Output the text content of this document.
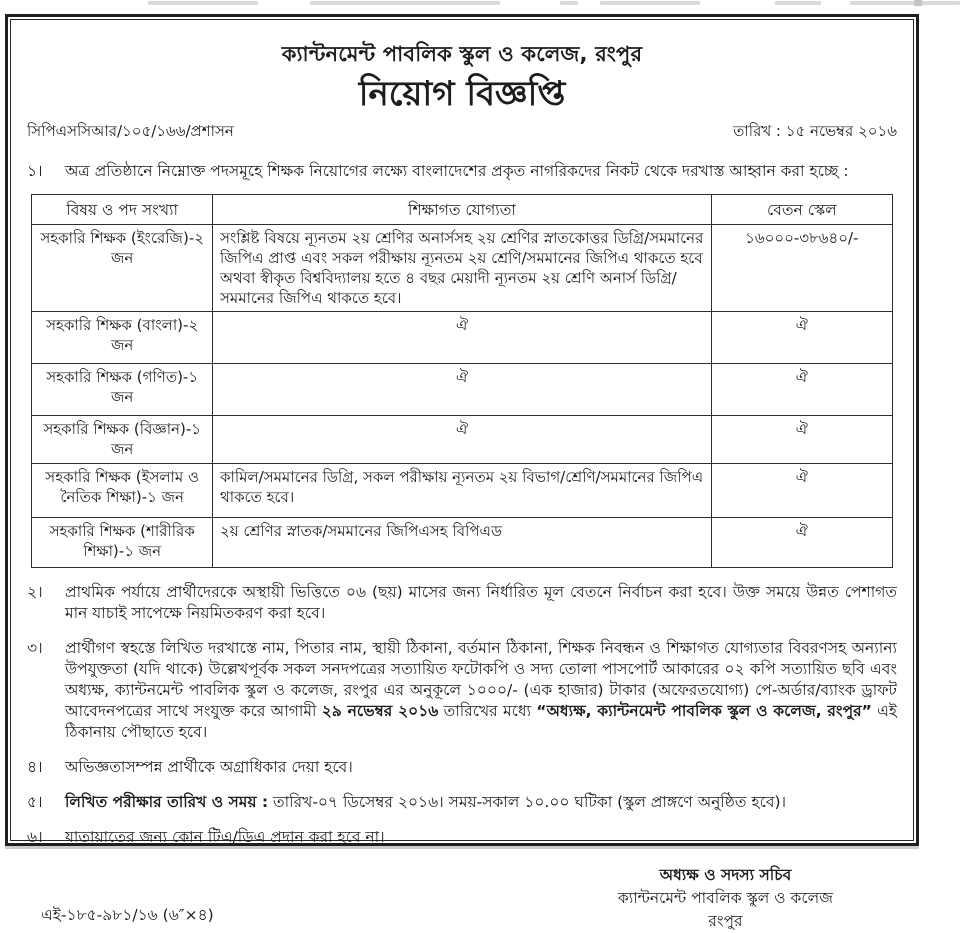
ক্যান্টনমেন্ট পাবলিক স্কুল ও কলেজ, রংপুর
নিয়োগ বিজ্ঞপ্তি
সিপিএসসিআর/১০৫/১৬৬/প্রশাসন	তারিখ : ১৫ নভেম্বর ২০১৬
১।	অত্র প্রতিষ্ঠানে নিম্নোক্ত পদসমূহে শিক্ষক নিয়োগের লক্ষ্যে বাংলাদেশের প্রকৃত নাগরিকদের নিকট থেকে দরখাস্ত আহ্বান করা হচ্ছে :
বিষয় ও পদ সংখ্যা	শিক্ষাগত যোগ্যতা	বেতন স্কেল
সহকারি শিক্ষক (ইংরেজি)-২ জন	সংশ্লিষ্ট বিষয়ে ন্যূনতম ২য় শ্রেণির অনার্সসহ ২য় শ্রেণির স্নাতকোত্তর ডিগ্রি/সমমানের জিপিএ প্রাপ্ত এবং সকল পরীক্ষায় ন্যূনতম ২য় শ্রেণি/সমমানের জিপিএ থাকতে হবে অথবা স্বীকৃত বিশ্ববিদ্যালয় হতে ৪ বছর মেয়াদী ন্যূনতম ২য় শ্রেণি অনার্স ডিগ্রি/সমমানের জিপিএ থাকতে হবে।	১৬০০০-৩৮৬৪০/-
সহকারি শিক্ষক (বাংলা)-২ জন	ঐ	ঐ
সহকারি শিক্ষক (গণিত)-১ জন	ঐ	ঐ
সহকারি শিক্ষক (বিজ্ঞান)-১ জন	ঐ	ঐ
সহকারি শিক্ষক (ইসলাম ও নৈতিক শিক্ষা)-১ জন	কামিল/সমমানের ডিগ্রি, সকল পরীক্ষায় ন্যূনতম ২য় বিভাগ/শ্রেণি/সমমানের জিপিএ থাকতে হবে।	ঐ
সহকারি শিক্ষক (শারীরিক শিক্ষা)-১ জন	২য় শ্রেণির স্নাতক/সমমানের জিপিএসহ বিপিএড	ঐ
২।	প্রাথমিক পর্যায়ে প্রার্থীদেরকে অস্থায়ী ভিত্তিতে ০৬ (ছয়) মাসের জন্য নির্ধারিত মূল বেতনে নির্বাচন করা হবে। উক্ত সময়ে উন্নত পেশাগত মান যাচাই সাপেক্ষে নিয়মিতকরণ করা হবে।
৩।	প্রার্থীগণ স্বহস্তে লিখিত দরখাস্তে নাম, পিতার নাম, স্থায়ী ঠিকানা, বর্তমান ঠিকানা, শিক্ষক নিবন্ধন ও শিক্ষাগত যোগ্যতার বিবরণসহ অন্যান্য উপযুক্ততা (যদি থাকে) উল্লেখপূর্বক সকল সনদপত্রের সত্যায়িত ফটোকপি ও সদ্য তোলা পাসপোর্ট আকারের ০২ কপি সত্যায়িত ছবি এবং অধ্যক্ষ, ক্যান্টনমেন্ট পাবলিক স্কুল ও কলেজ, রংপুর এর অনুকূলে ১০০০/- (এক হাজার) টাকার (অফেরতযোগ্য) পে-অর্ডার/ব্যাংক ড্রাফট আবেদনপত্রের সাথে সংযুক্ত করে আগামী ২৯ নভেম্বর ২০১৬ তারিখের মধ্যে “অধ্যক্ষ, ক্যান্টনমেন্ট পাবলিক স্কুল ও কলেজ, রংপুর” এই ঠিকানায় পৌছাতে হবে।
৪।	অভিজ্ঞতাসম্পন্ন প্রার্থীকে অগ্রাধিকার দেয়া হবে।
৫।	লিখিত পরীক্ষার তারিখ ও সময় : তারিখ-০৭ ডিসেম্বর ২০১৬। সময়-সকাল ১০.০০ ঘটিকা (স্কুল প্রাঙ্গণে অনুষ্ঠিত হবে)।
৬।	যাতায়াতের জন্য কোন টিএ/ডিএ প্রদান করা হবে না।
এই-১৮৫-৯৮১/১৬ (৬″×৪)
অধ্যক্ষ ও সদস্য সচিব
ক্যান্টনমেন্ট পাবলিক স্কুল ও কলেজ
রংপুর
